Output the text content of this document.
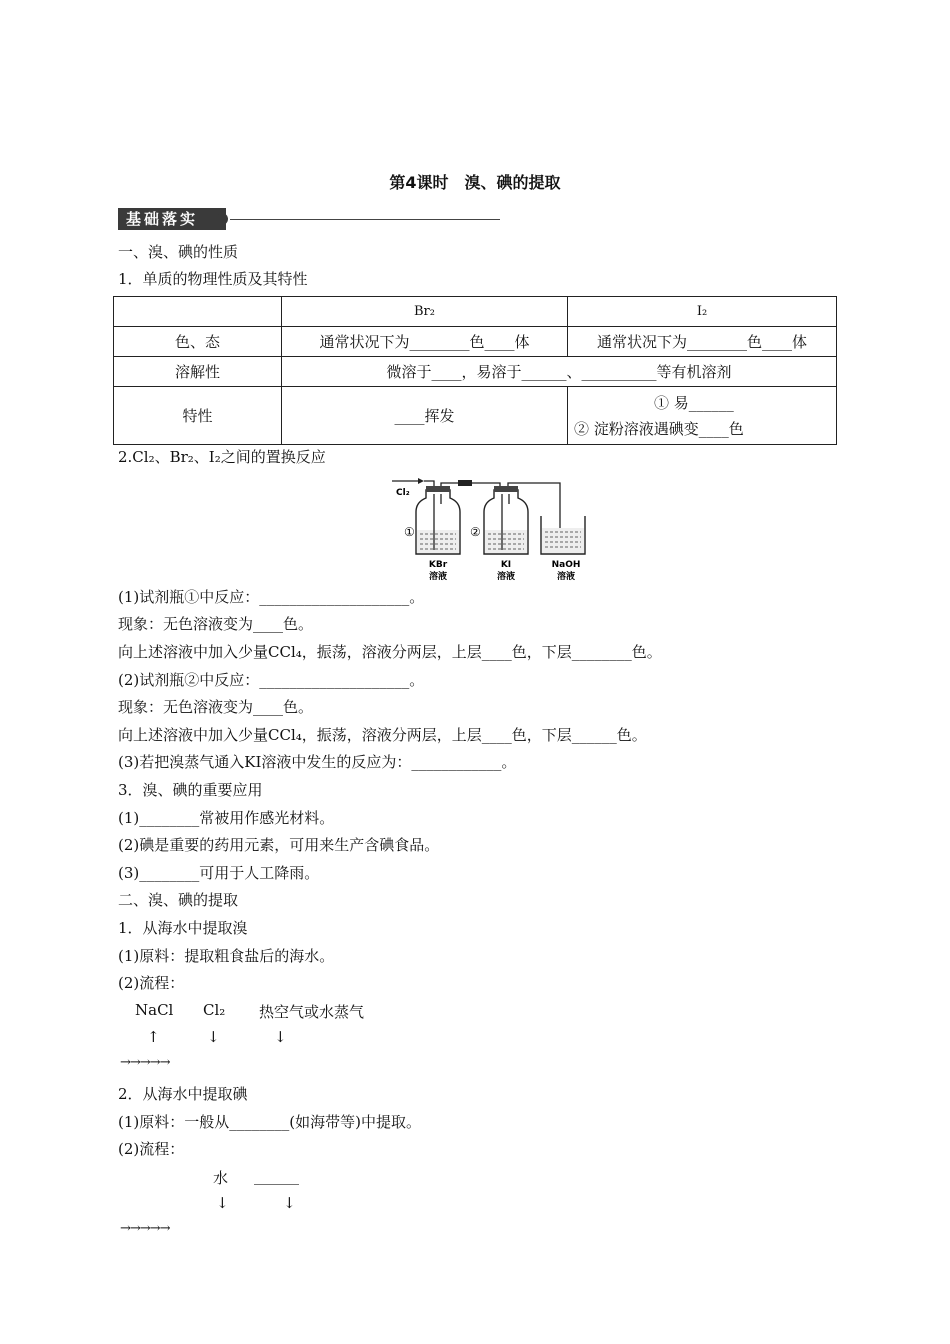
第4课时　溴、碘的提取
基础落实
一、溴、碘的性质
1．单质的物理性质及其特性
	Br₂	I₂
色、态	通常状况下为________色____体	通常状况下为________色____体
溶解性	微溶于____，易溶于______、__________等有机溶剂	
特性	____挥发	① 易______
② 淀粉溶液遇碘变____色
2.Cl₂、Br₂、I₂之间的置换反应
Cl₂
①	②
KBr
溶液
KI
溶液
NaOH
溶液
(1)试剂瓶①中反应：____________________。
现象：无色溶液变为____色。
向上述溶液中加入少量CCl₄，振荡，溶液分两层，上层____色，下层________色。
(2)试剂瓶②中反应：____________________。
现象：无色溶液变为____色。
向上述溶液中加入少量CCl₄，振荡，溶液分两层，上层____色，下层______色。
(3)若把溴蒸气通入KI溶液中发生的反应为：____________。
3．溴、碘的重要应用
(1)________常被用作感光材料。
(2)碘是重要的药用元素，可用来生产含碘食品。
(3)________可用于人工降雨。
二、溴、碘的提取
1．从海水中提取溴
(1)原料：提取粗食盐后的海水。
(2)流程：
NaCl Cl₂ 热空气或水蒸气
↑	↓	↓
→→→→→
2．从海水中提取碘
(1)原料：一般从________(如海带等)中提取。
(2)流程：
水 ______
↓	↓
→→→→→
